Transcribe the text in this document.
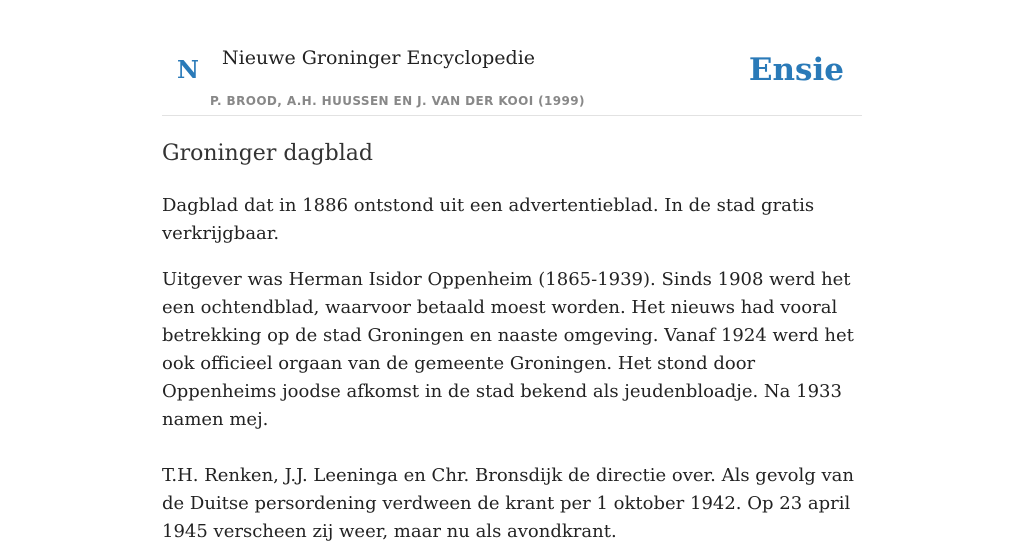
N Nieuwe Groninger Encyclopedie
P. BROOD, A.H. HUUSSEN EN J. VAN DER KOOI (1999)
Ensie
Groninger dagblad

Dagblad dat in 1886 ontstond uit een advertentieblad. In de stad gratis verkrijgbaar.

Uitgever was Herman Isidor Oppenheim (1865-1939). Sinds 1908 werd het een ochtendblad, waarvoor betaald moest worden. Het nieuws had vooral betrekking op de stad Groningen en naaste omgeving. Vanaf 1924 werd het ook officieel orgaan van de gemeente Groningen. Het stond door Oppenheims joodse afkomst in de stad bekend als jeudenbloadje. Na 1933 namen mej.

T.H. Renken, J.J. Leeninga en Chr. Bronsdijk de directie over. Als gevolg van de Duitse persordening verdween de krant per 1 oktober 1942. Op 23 april 1945 verscheen zij weer, maar nu als avondkrant.
